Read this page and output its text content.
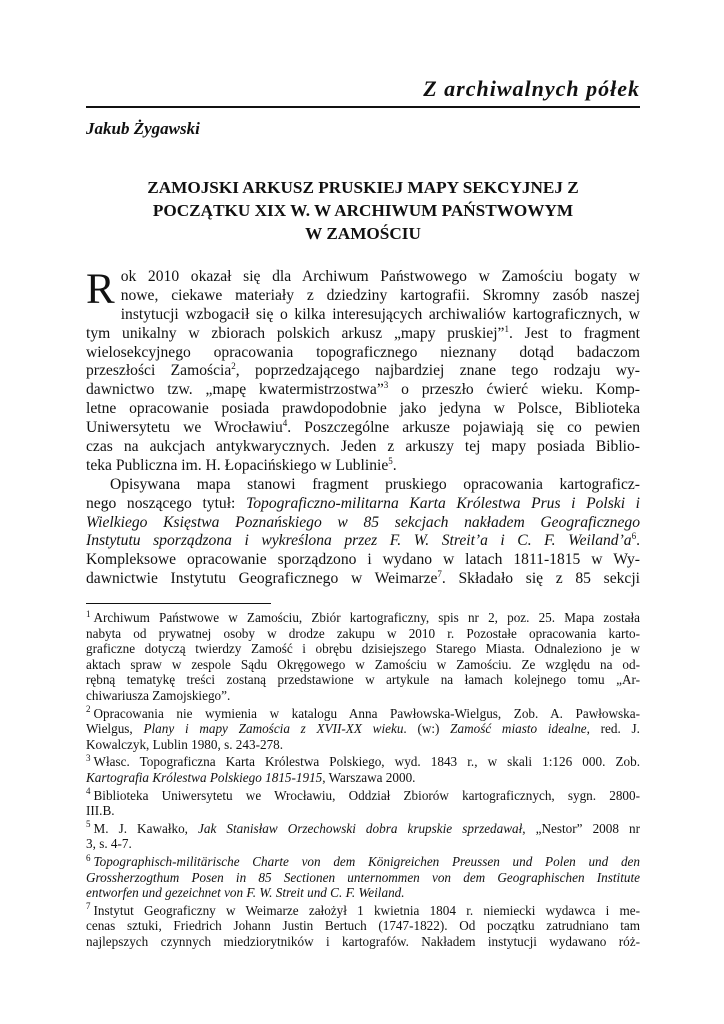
Z archiwalnych półek
Jakub Żygawski
ZAMOJSKI ARKUSZ PRUSKIEJ MAPY SEKCYJNEJ Z
POCZĄTKU XIX W. W ARCHIWUM PAŃSTWOWYM
W ZAMOŚCIU
R ok 2010 okazał się dla Archiwum Państwowego w Zamościu bogaty w
nowe, ciekawe materiały z dziedziny kartografii. Skromny zasób naszej
instytucji wzbogacił się o kilka interesujących archiwaliów kartograficznych, w
tym unikalny w zbiorach polskich arkusz „mapy pruskiej”$^1$. Jest to fragment
wielosekcyjnego opracowania topograficznego nieznany dotąd badaczom
przeszłości Zamościa$^2$, poprzedzającego najbardziej znane tego rodzaju wy-
dawnictwo tzw. „mapę kwatermistrzostwa”$^3$ o przeszło ćwierć wieku. Komp-
letne opracowanie posiada prawdopodobnie jako jedyna w Polsce, Biblioteka
Uniwersytetu we Wrocławiu$^4$. Poszczególne arkusze pojawiają się co pewien
czas na aukcjach antykwarycznych. Jeden z arkuszy tej mapy posiada Biblio-
teka Publiczna im. H. Łopacińskiego w Lublinie$^5$.
Opisywana mapa stanowi fragment pruskiego opracowania kartograficz-
nego noszącego tytuł: Topograficzno-militarna Karta Królestwa Prus i Polski i
Wielkiego Księstwa Poznańskiego w 85 sekcjach nakładem Geograficznego
Instytutu sporządzona i wykreślona przez F. W. Streit’a i C. F. $Weiland’a^6$.
Kompleksowe opracowanie sporządzono i wydano w latach 1811-1815 w Wy-
dawnictwie Instytutu Geograficznego w Weimarze$^7$. Składało się z 85 sekcji
$^1$ Archiwum Państwowe w Zamościu, Zbiór kartograficzny, spis nr 2, poz. 25. Mapa została
nabyta od prywatnej osoby w drodze zakupu w 2010 r. Pozostałe opracowania karto-
graficzne dotyczą twierdzy Zamość i obrębu dzisiejszego Starego Miasta. Odnaleziono je w
aktach spraw w zespole Sądu Okręgowego w Zamościu w Zamościu. Ze względu na od-
rębną tematykę treści zostaną przedstawione w artykule na łamach kolejnego tomu „Ar-
chiwariusza Zamojskiego”.
$^2$ Opracowania nie wymienia w katalogu Anna Pawłowska-Wielgus, Zob. A. Pawłowska-
Wielgus, Plany i mapy Zamościa z XVII-XX wieku. (w:) Zamość miasto idealne, red. J.
Kowalczyk, Lublin 1980, s. 243-278.
$^3$ Własc. Topograficzna Karta Królestwa Polskiego, wyd. 1843 r., w skali 1:126 000. Zob.
Kartografia Królestwa Polskiego 1815-1915, Warszawa 2000.
$^4$ Biblioteka Uniwersytetu we Wrocławiu, Oddział Zbiorów kartograficznych, sygn. 2800-
III.B.
$^5$ M. J. Kawałko, Jak Stanisław Orzechowski dobra krupskie sprzedawał, „Nestor” 2008 nr
3, s. 4-7.
$^6$ Topographisch-militärische Charte von dem Königreichen Preussen und Polen und den
Grossherzogthum Posen in 85 Sectionen unternommen von dem Geographischen Institute
entworfen und gezeichnet von F. W. Streit und C. F. Weiland.
$^7$ Instytut Geograficzny w Weimarze założył 1 kwietnia 1804 r. niemiecki wydawca i me-
cenas sztuki, Friedrich Johann Justin Bertuch (1747-1822). Od początku zatrudniano tam
najlepszych czynnych miedziorytników i kartografów. Nakładem instytucji wydawano róż-
